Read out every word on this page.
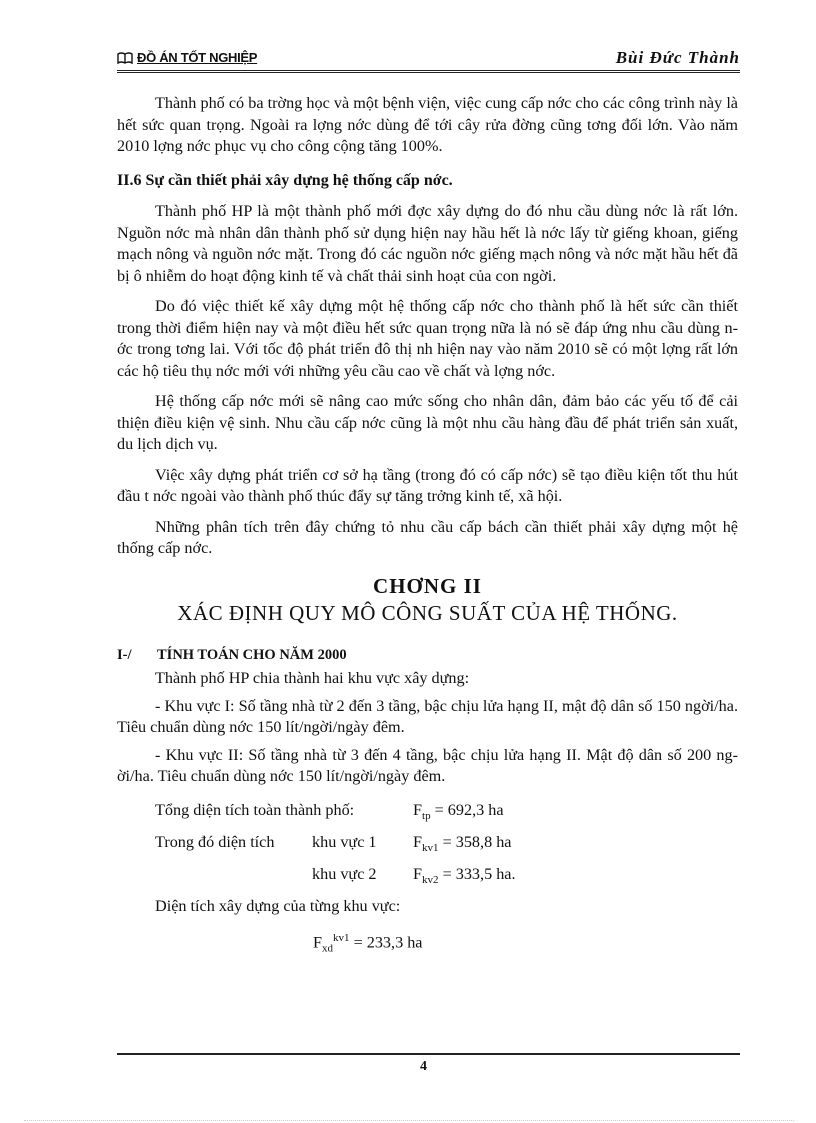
ĐỒ ÁN TỐT NGHIỆP	Bùi Đức Thành

Thành phố có ba trờng học và một bệnh viện, việc cung cấp nớc cho các công trình này là hết sức quan trọng. Ngoài ra lợng nớc dùng để tới cây rửa đờng cũng tơng đối lớn. Vào năm 2010 lợng nớc phục vụ cho công cộng tăng 100%.

II.6 Sự cần thiết phải xây dựng hệ thống cấp nớc.

Thành phố HP là một thành phố mới đợc xây dựng do đó nhu cầu dùng nớc là rất lớn. Nguồn nớc mà nhân dân thành phố sử dụng hiện nay hầu hết là nớc lấy từ giếng khoan, giếng mạch nông và nguồn nớc mặt. Trong đó các nguồn nớc giếng mạch nông và nớc mặt hầu hết đã bị ô nhiễm do hoạt động kinh tế và chất thải sinh hoạt của con ngời.

Do đó việc thiết kế xây dựng một hệ thống cấp nớc cho thành phố là hết sức cần thiết trong thời điểm hiện nay và một điều hết sức quan trọng nữa là nó sẽ đáp ứng nhu cầu dùng nớc trong tơng lai. Với tốc độ phát triển đô thị nh hiện nay vào năm 2010 sẽ có một lợng rất lớn các hộ tiêu thụ nớc mới với những yêu cầu cao về chất và lợng nớc.

Hệ thống cấp nớc mới sẽ nâng cao mức sống cho nhân dân, đảm bảo các yếu tố để cải thiện điều kiện vệ sinh. Nhu cầu cấp nớc cũng là một nhu cầu hàng đầu để phát triển sản xuất, du lịch dịch vụ.

Việc xây dựng phát triển cơ sở hạ tầng (trong đó có cấp nớc) sẽ tạo điều kiện tốt thu hút đầu t nớc ngoài vào thành phố thúc đẩy sự tăng trởng kinh tế, xã hội.

Những phân tích trên đây chứng tỏ nhu cầu cấp bách cần thiết phải xây dựng một hệ thống cấp nớc.

CHƠNG II
XÁC ĐỊNH QUY MÔ CÔNG SUẤT CỦA HỆ THỐNG.
I-/ TÍNH TOÁN CHO NĂM 2000

Thành phố HP chia thành hai khu vực xây dựng:

- Khu vực I: Số tầng nhà từ 2 đến 3 tầng, bậc chịu lửa hạng II, mật độ dân số 150 ngời/ha. Tiêu chuẩn dùng nớc 150 lít/ngời/ngày đêm.

- Khu vực II: Số tầng nhà từ 3 đến 4 tầng, bậc chịu lửa hạng II. Mật độ dân số 200 ngời/ha. Tiêu chuẩn dùng nớc 150 lít/ngời/ngày đêm.

Tổng diện tích toàn thành phố:	$F_{tp} = 692,3$ ha
Trong đó diện tích khu vực 1 $F_{kv1} = 358,8$ ha
khu vực 2 $F_{kv2} = 333,5$ ha.
Diện tích xây dựng của từng khu vực:
$F_{xd}^{kv1} = 233,3$ ha
4
